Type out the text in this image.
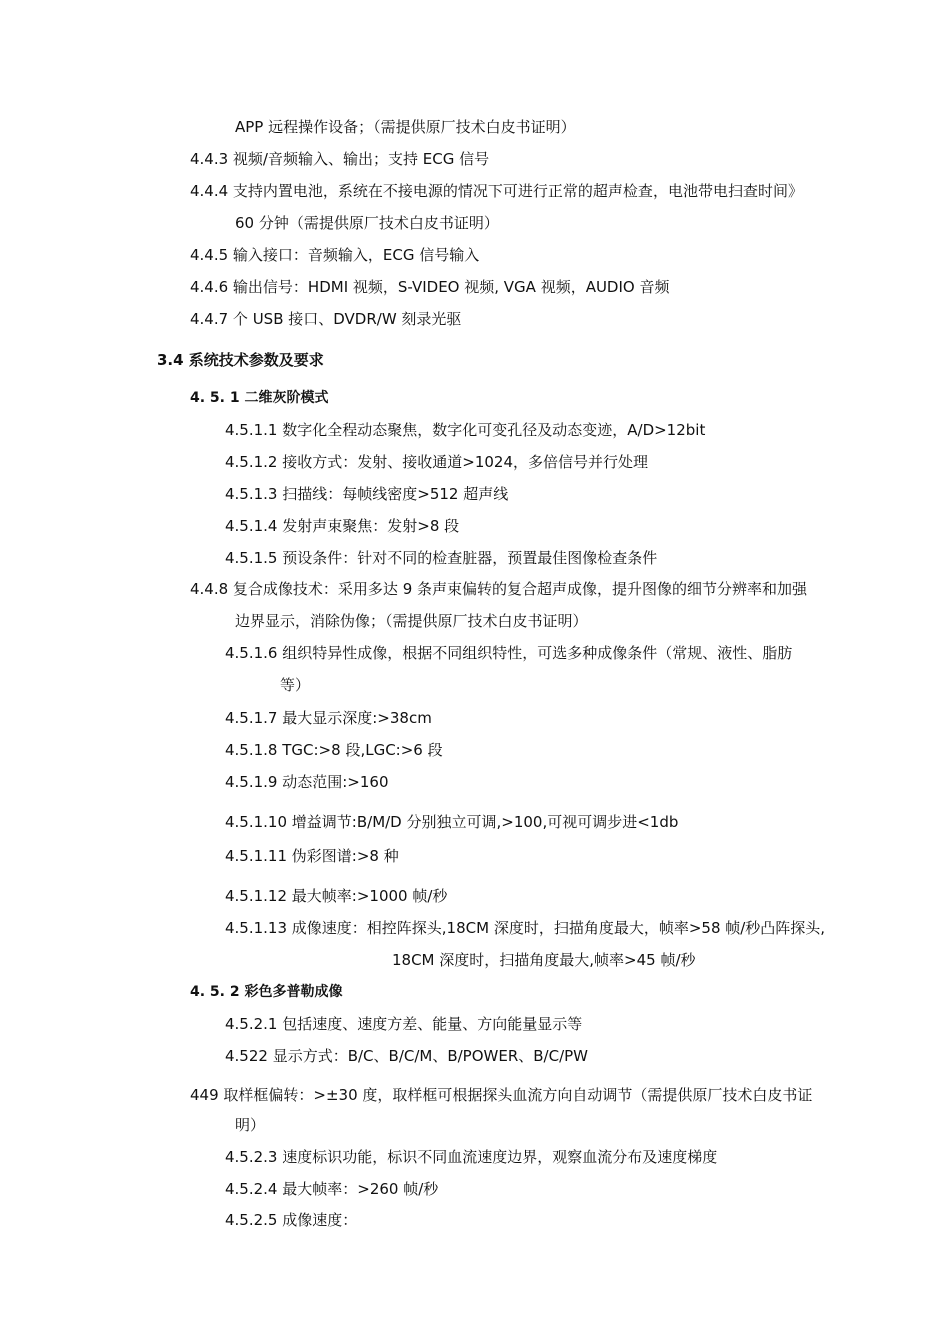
APP 远程操作设备；（需提供原厂技术白皮书证明）
4.4.3 视频/音频输入、输出；支持 ECG 信号
4.4.4 支持内置电池，系统在不接电源的情况下可进行正常的超声检查，电池带电扫查时间》
60 分钟（需提供原厂技术白皮书证明）
4.4.5 输入接口：音频输入，ECG 信号输入
4.4.6 输出信号：HDMI 视频，S-VIDEO 视频, VGA 视频，AUDIO 音频
4.4.7 个 USB 接口、DVDR/W 刻录光驱
3.4 系统技术参数及要求
4. 5. 1 二维灰阶模式
4.5.1.1 数字化全程动态聚焦，数字化可变孔径及动态变迹，A/D>12bit
4.5.1.2 接收方式：发射、接收通道>1024，多倍信号并行处理
4.5.1.3 扫描线：每帧线密度>512 超声线
4.5.1.4 发射声束聚焦：发射>8 段
4.5.1.5 预设条件：针对不同的检查脏器，预置最佳图像检查条件
4.4.8 复合成像技术：采用多达 9 条声束偏转的复合超声成像，提升图像的细节分辨率和加强
边界显示，消除伪像；（需提供原厂技术白皮书证明）
4.5.1.6 组织特异性成像，根据不同组织特性，可选多种成像条件（常规、液性、脂肪
等）
4.5.1.7 最大显示深度:>38cm
4.5.1.8 TGC:>8 段,LGC:>6 段
4.5.1.9 动态范围:>160
4.5.1.10 增益调节:B/M/D 分别独立可调,>100,可视可调步进<1db
4.5.1.11 伪彩图谱:>8 种
4.5.1.12 最大帧率:>1000 帧/秒
4.5.1.13 成像速度：相控阵探头,18CM 深度时，扫描角度最大，帧率>58 帧/秒凸阵探头,
18CM 深度时，扫描角度最大,帧率>45 帧/秒
4. 5. 2 彩色多普勒成像
4.5.2.1 包括速度、速度方差、能量、方向能量显示等
4.522 显示方式：B/C、B/C/M、B/POWER、B/C/PW
449 取样框偏转：>±30 度，取样框可根据探头血流方向自动调节（需提供原厂技术白皮书证
明）
4.5.2.3 速度标识功能，标识不同血流速度边界，观察血流分布及速度梯度
4.5.2.4 最大帧率：>260 帧/秒
4.5.2.5 成像速度：
